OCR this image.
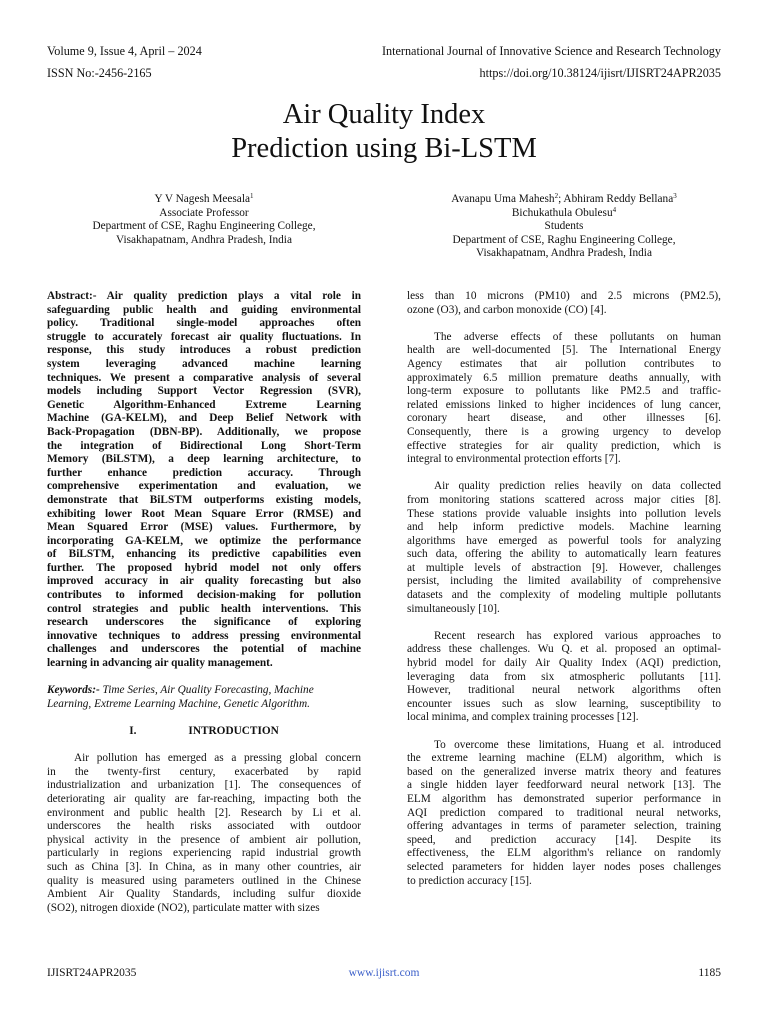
Volume 9, Issue 4, April – 2024	International Journal of Innovative Science and Research Technology
ISSN No:-2456-2165	https://doi.org/10.38124/ijisrt/IJISRT24APR2035
Air Quality Index
Prediction using Bi-LSTM
Y V Nagesh Meesala$^1$
Associate Professor
Department of CSE, Raghu Engineering College,
Visakhapatnam, Andhra Pradesh, India
Avanapu Uma Mahesh$^2$; Abhiram Reddy Bellana$^3$
Bichukathula Obulesu$^4$
Students
Department of CSE, Raghu Engineering College,
Visakhapatnam, Andhra Pradesh, India
Abstract:- Air quality prediction plays a vital role in
safeguarding public health and guiding environmental
policy. Traditional single-model approaches often
struggle to accurately forecast air quality fluctuations. In
response, this study introduces a robust prediction
system leveraging advanced machine learning
techniques. We present a comparative analysis of several
models including Support Vector Regression (SVR),
Genetic Algorithm-Enhanced Extreme Learning
Machine (GA-KELM), and Deep Belief Network with
Back-Propagation (DBN-BP). Additionally, we propose
the integration of Bidirectional Long Short-Term
Memory (BiLSTM), a deep learning architecture, to
further enhance prediction accuracy. Through
comprehensive experimentation and evaluation, we
demonstrate that BiLSTM outperforms existing models,
exhibiting lower Root Mean Square Error (RMSE) and
Mean Squared Error (MSE) values. Furthermore, by
incorporating GA-KELM, we optimize the performance
of BiLSTM, enhancing its predictive capabilities even
further. The proposed hybrid model not only offers
improved accuracy in air quality forecasting but also
contributes to informed decision-making for pollution
control strategies and public health interventions. This
research underscores the significance of exploring
innovative techniques to address pressing environmental
challenges and underscores the potential of machine
learning in advancing air quality management.

Keywords:- Time Series, Air Quality Forecasting, Machine
Learning, Extreme Learning Machine, Genetic Algorithm.

I.	INTRODUCTION
Air pollution has emerged as a pressing global concern
in the twenty-first century, exacerbated by rapid
industrialization and urbanization [1]. The consequences of
deteriorating air quality are far-reaching, impacting both the
environment and public health [2]. Research by Li et al.
underscores the health risks associated with outdoor
physical activity in the presence of ambient air pollution,
particularly in regions experiencing rapid industrial growth
such as China [3]. In China, as in many other countries, air
quality is measured using parameters outlined in the Chinese
Ambient Air Quality Standards, including sulfur dioxide
(SO2), nitrogen dioxide (NO2), particulate matter with sizes
less than 10 microns (PM10) and 2.5 microns (PM2.5),
ozone (O3), and carbon monoxide (CO) [4].
The adverse effects of these pollutants on human
health are well-documented [5]. The International Energy
Agency estimates that air pollution contributes to
approximately 6.5 million premature deaths annually, with
long-term exposure to pollutants like PM2.5 and traffic-
related emissions linked to higher incidences of lung cancer,
coronary heart disease, and other illnesses [6].
Consequently, there is a growing urgency to develop
effective strategies for air quality prediction, which is
integral to environmental protection efforts [7].
Air quality prediction relies heavily on data collected
from monitoring stations scattered across major cities [8].
These stations provide valuable insights into pollution levels
and help inform predictive models. Machine learning
algorithms have emerged as powerful tools for analyzing
such data, offering the ability to automatically learn features
at multiple levels of abstraction [9]. However, challenges
persist, including the limited availability of comprehensive
datasets and the complexity of modeling multiple pollutants
simultaneously [10].
Recent research has explored various approaches to
address these challenges. Wu Q. et al. proposed an optimal-
hybrid model for daily Air Quality Index (AQI) prediction,
leveraging data from six atmospheric pollutants [11].
However, traditional neural network algorithms often
encounter issues such as slow learning, susceptibility to
local minima, and complex training processes [12].
To overcome these limitations, Huang et al. introduced
the extreme learning machine (ELM) algorithm, which is
based on the generalized inverse matrix theory and features
a single hidden layer feedforward neural network [13]. The
ELM algorithm has demonstrated superior performance in
AQI prediction compared to traditional neural networks,
offering advantages in terms of parameter selection, training
speed, and prediction accuracy [14]. Despite its
effectiveness, the ELM algorithm's reliance on randomly
selected parameters for hidden layer nodes poses challenges
to prediction accuracy [15].
IJISRT24APR2035	www.ijisrt.com	1185
